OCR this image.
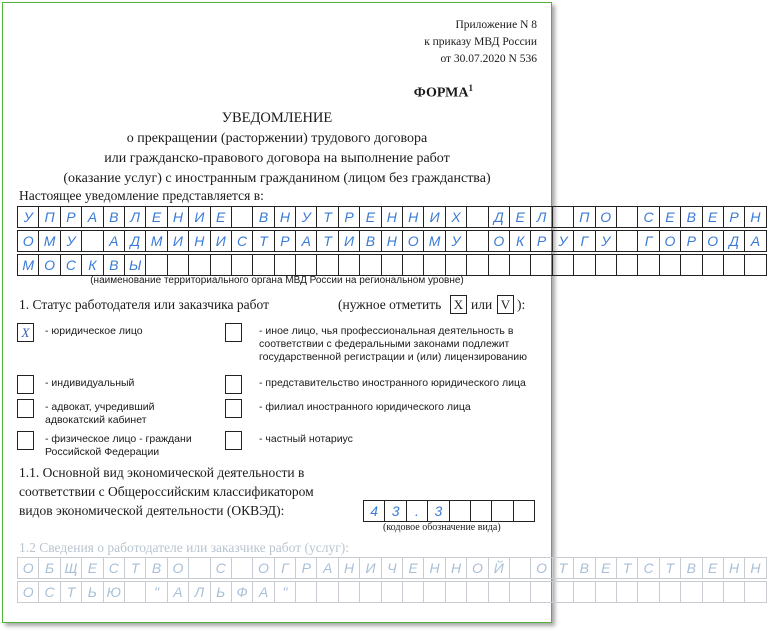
Приложение N 8
к приказу МВД России
от 30.07.2020 N 536
ФОРМА$^1$
УВЕДОМЛЕНИЕ
о прекращении (расторжении) трудового договора
или гражданско-правового договора на выполнение работ
(оказание услуг) с иностранным гражданином (лицом без гражданства)
Настоящее уведомление представляется в:
У П Р А В Л Е Н И Е	В Н У Т Р Е Н Н И Х	Д Е Л	П О	С Е В Е Р Н
О М У	А Д М И Н И С Т Р А Т И В Н О М У	О К Р У Г У	Г О Р О Д А
М О С К В Ы
(наименование территориального органа МВД России на региональном уровне)
1. Статус работодателя или заказчика работ	(нужное отметить X или V ):
X	- юридическое лицо	- иное лицо, чья профессиональная деятельность в соответствии с федеральными законами подлежит государственной регистрации и (или) лицензированию
- индивидуальный	- представительство иностранного юридического лица
- адвокат, учредивший адвокатский кабинет
- филиал иностранного юридического лица
- физическое лицо - граждани Российской Федерации
- частный нотариус
1.1. Основной вид экономической деятельности в
соответствии с Общероссийским классификатором
видов экономической деятельности (ОКВЭД):	4 3	.	3
(кодовое обозначение вида)
1.2 Сведения о работодателе или заказчике работ (услуг):
О Б Щ Е С Т В О	С	О Г Р А Н И Ч Е Н Н О Й	О Т В Е Т С Т В Е Н Н
О С Т Ь Ю	"	А Л Ь Ф А	"
